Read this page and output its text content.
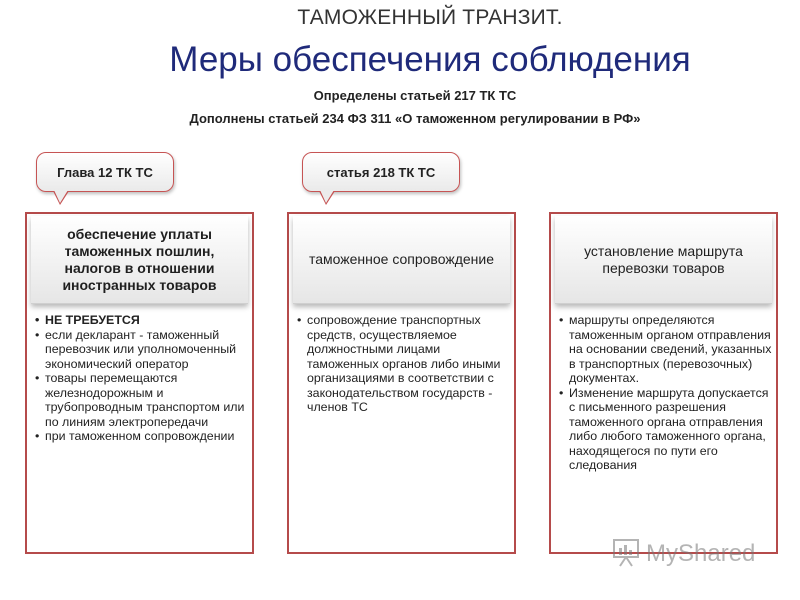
ТАМОЖЕННЫЙ ТРАНЗИТ.
Меры обеспечения соблюдения
Определены статьей 217 ТК ТС
Дополнены статьей 234 ФЗ 311 «О таможенном регулировании в РФ»
Глава 12 ТК ТС	статья 218 ТК ТС
обеспечение уплаты таможенных пошлин, налогов в отношении иностранных товаров
• НЕ ТРЕБУЕТСЯ
• если декларант - таможенный перевозчик или уполномоченный экономический оператор
• товары перемещаются железнодорожным и трубопроводным транспортом или по линиям электропередачи
• при таможенном сопровождении
таможенное сопровождение
• сопровождение транспортных средств, осуществляемое должностными лицами таможенных органов либо иными организациями в соответствии с законодательством государств - членов ТС
установление маршрута перевозки товаров
• маршруты определяются таможенным органом отправления на основании сведений, указанных в транспортных (перевозочных) документах.
• Изменение маршрута допускается с письменного разрешения таможенного органа отправления либо любого таможенного органа, находящегося по пути его следования
MyShared
